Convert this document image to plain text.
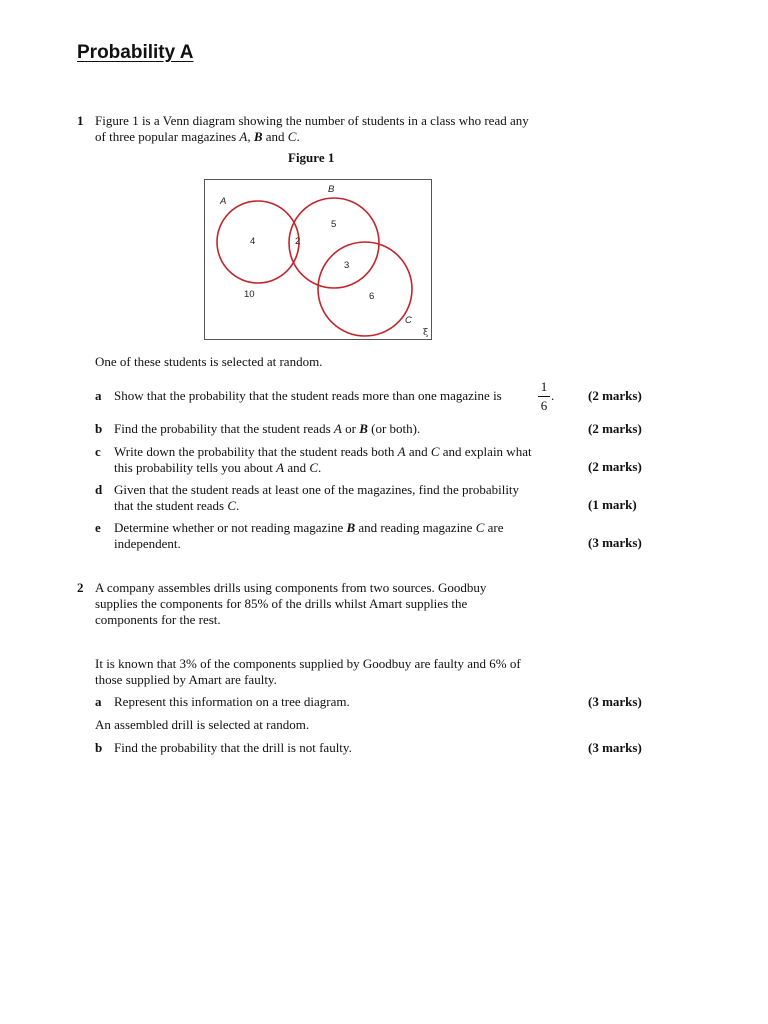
Probability A
1 Figure 1 is a Venn diagram showing the number of students in a class who read any
of three popular magazines A, B and C.
Figure 1
A
B
C
ξ
4	2
5
3
6
10
One of these students is selected at random.
a Show that the probability that the student reads more than one magazine is
1
6
.	(2 marks)
b Find the probability that the student reads A or B (or both).	(2 marks)
c Write down the probability that the student reads both A and C and explain what
this probability tells you about A and C.	(2 marks)
d Given that the student reads at least one of the magazines, find the probability
that the student reads C.	(1 mark)
e Determine whether or not reading magazine B and reading magazine C are
independent.	(3 marks)
2 A company assembles drills using components from two sources. Goodbuy
supplies the components for 85% of the drills whilst Amart supplies the
components for the rest.
It is known that 3% of the components supplied by Goodbuy are faulty and 6% of
those supplied by Amart are faulty.
a Represent this information on a tree diagram.	(3 marks)
An assembled drill is selected at random.
b Find the probability that the drill is not faulty.	(3 marks)
